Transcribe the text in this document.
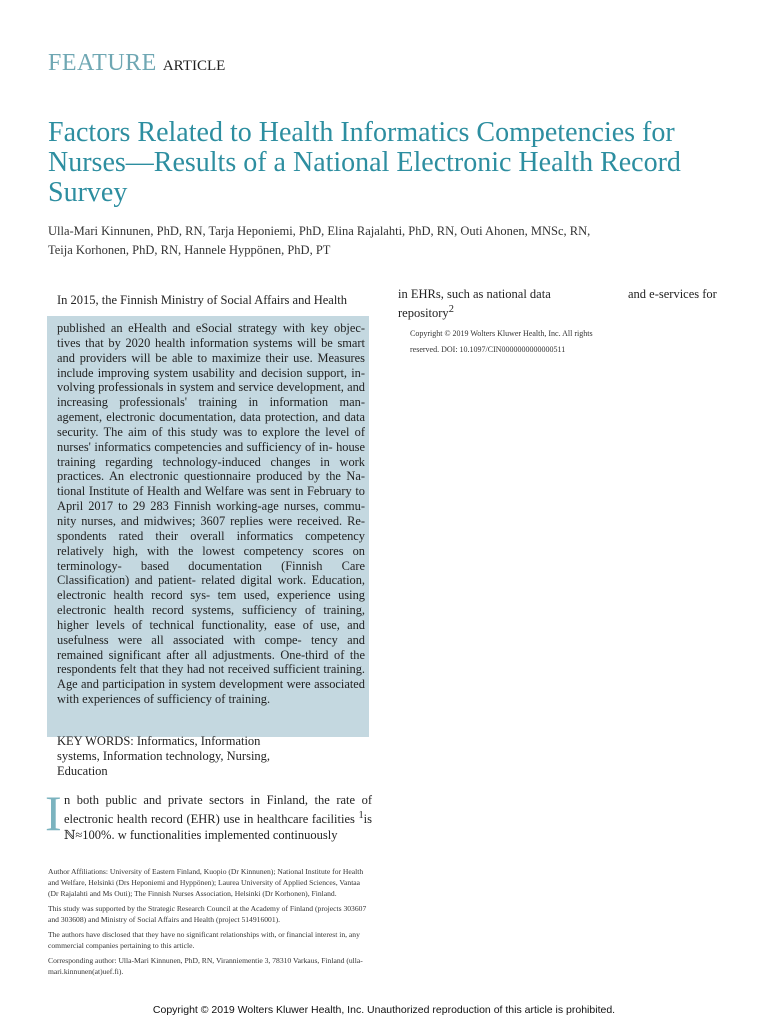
FEATURE ARTICLE
Factors Related to Health Informatics Competencies for Nurses—Results of a National Electronic Health Record Survey
Ulla-Mari Kinnunen, PhD, RN, Tarja Heponiemi, PhD, Elina Rajalahti, PhD, RN, Outi Ahonen, MNSc, RN, Teija Korhonen, PhD, RN, Hannele Hyppönen, PhD, PT
In 2015, the Finnish Ministry of Social Affairs and Health

published an eHealth and eSocial strategy with key objec- tives that by 2020 health information systems will be smart and providers will be able to maximize their use. Measures include improving system usability and decision support, in- volving professionals in system and service development, and increasing professionals' training in information man- agement, electronic documentation, data protection, and data security. The aim of this study was to explore the level of nurses' informatics competencies and sufficiency of in- house training regarding technology-induced changes in work practices. An electronic questionnaire produced by the Na- tional Institute of Health and Welfare was sent in February to April 2017 to 29 283 Finnish working-age nurses, commu- nity nurses, and midwives; 3607 replies were received. Re- spondents rated their overall informatics competency relatively high, with the lowest competency scores on terminology- based documentation (Finnish Care Classification) and patient- related digital work. Education, electronic health record sys- tem used, experience using electronic health record systems, sufficiency of training, higher levels of technical functionality, ease of use, and usefulness were all associated with compe- tency and remained significant after all adjustments. One-third of the respondents felt that they had not received sufficient training. Age and participation in system development were associated with experiences of sufficiency of training.

KEY WORDS: Informatics, Information systems, Information technology, Nursing, Education
in EHRs, such as national data repository$^2$
and e-services for
Copyright © 2019 Wolters Kluwer Health, Inc. All rights reserved. DOI: 10.1097/CIN0000000000000511
I n both public and private sectors in Finland, the rate of electronic health record (EHR) use in healthcare facilities $^1$is ℕ≈100%. w functionalities implemented continuously

Author Affiliations: University of Eastern Finland, Kuopio (Dr Kinnunen); National Institute for Health and Welfare, Helsinki (Drs Heponiemi and Hyppönen); Laurea University of Applied Sciences, Vantaa (Dr Rajalahti and Ms Outi); The Finnish Nurses Association, Helsinki (Dr Korhonen), Finland.

This study was supported by the Strategic Research Council at the Academy of Finland (projects 303607 and 303608) and Ministry of Social Affairs and Health (project 514916001).

The authors have disclosed that they have no significant relationships with, or financial interest in, any commercial companies pertaining to this article.

Corresponding author: Ulla-Mari Kinnunen, PhD, RN, Viranniementie 3, 78310 Varkaus, Finland (ulla-mari.kinnunen(at)uef.fi).

Copyright © 2019 Wolters Kluwer Health, Inc. Unauthorized reproduction of this article is prohibited.
